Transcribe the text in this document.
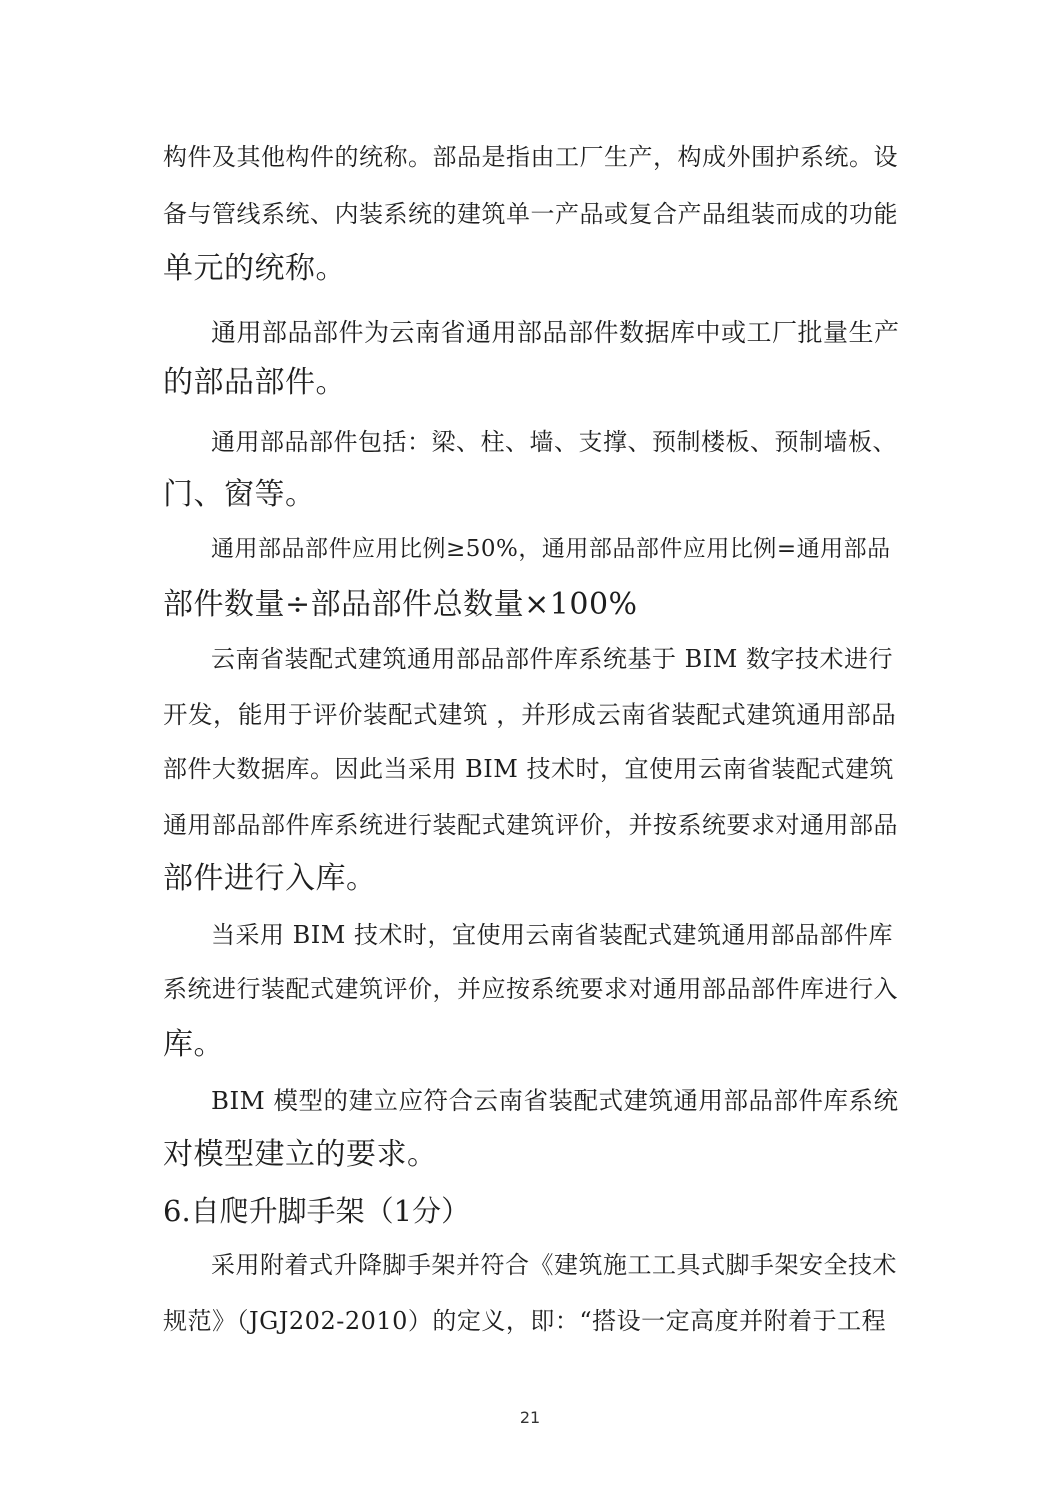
构件及其他构件的统称。部品是指由工厂生产，构成外围护系统。设
备与管线系统、内装系统的建筑单一产品或复合产品组装而成的功能
单元的统称。
通用部品部件为云南省通用部品部件数据库中或工厂批量生产
的部品部件。
通用部品部件包括：梁、柱、墙、支撑、预制楼板、预制墙板、
门、窗等。
通用部品部件应用比例≥50%，通用部品部件应用比例=通用部品
部件数量÷部品部件总数量×100%
云南省装配式建筑通用部品部件库系统基于 BIM 数字技术进行
开发，能用于评价装配式建筑 ，并形成云南省装配式建筑通用部品
部件大数据库。因此当采用 BIM 技术时，宜使用云南省装配式建筑
通用部品部件库系统进行装配式建筑评价，并按系统要求对通用部品
部件进行入库。
当采用 BIM 技术时，宜使用云南省装配式建筑通用部品部件库
系统进行装配式建筑评价，并应按系统要求对通用部品部件库进行入
库。
BIM 模型的建立应符合云南省装配式建筑通用部品部件库系统
对模型建立的要求。
6.自爬升脚手架（1分）
采用附着式升降脚手架并符合《建筑施工工具式脚手架安全技术
规范》（JGJ202-2010）的定义，即：“搭设一定高度并附着于工程
21
